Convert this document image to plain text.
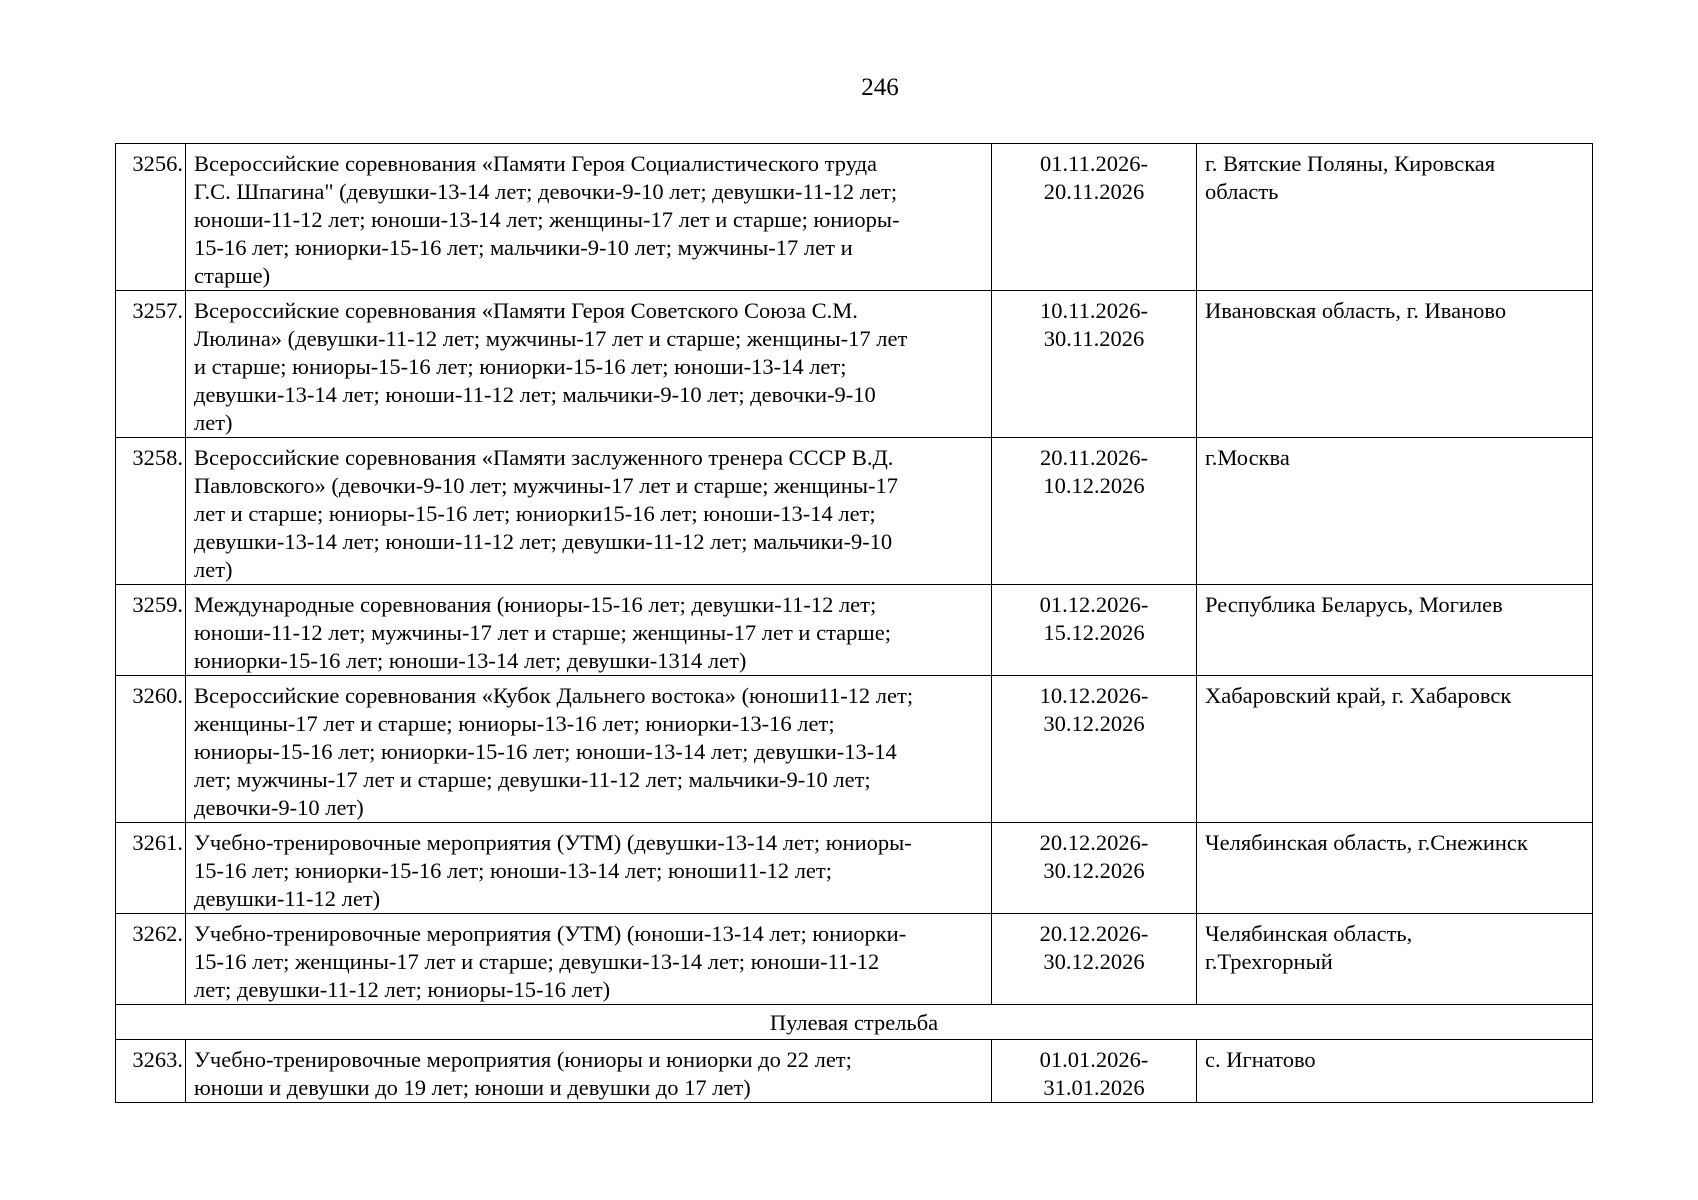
246
3256.	Всероссийские соревнования «Памяти Героя Социалистического труда
Г.С. Шпагина" (девушки-13-14 лет; девочки-9-10 лет; девушки-11-12 лет;
юноши-11-12 лет; юноши-13-14 лет; женщины-17 лет и старше; юниоры-
15-16 лет; юниорки-15-16 лет; мальчики-9-10 лет; мужчины-17 лет и
старше)	01.11.2026-
20.11.2026	г. Вятские Поляны, Кировская
область

3257.	Всероссийские соревнования «Памяти Героя Советского Союза С.М.
Люлина» (девушки-11-12 лет; мужчины-17 лет и старше; женщины-17 лет
и старше; юниоры-15-16 лет; юниорки-15-16 лет; юноши-13-14 лет;
девушки-13-14 лет; юноши-11-12 лет; мальчики-9-10 лет; девочки-9-10
лет)	10.11.2026-
30.11.2026	Ивановская область, г. Иваново

3258.	Всероссийские соревнования «Памяти заслуженного тренера СССР В.Д.
Павловского» (девочки-9-10 лет; мужчины-17 лет и старше; женщины-17
лет и старше; юниоры-15-16 лет; юниорки15-16 лет; юноши-13-14 лет;
девушки-13-14 лет; юноши-11-12 лет; девушки-11-12 лет; мальчики-9-10
лет)	20.11.2026-
10.12.2026	г.Москва

3259.	Международные соревнования (юниоры-15-16 лет; девушки-11-12 лет;
юноши-11-12 лет; мужчины-17 лет и старше; женщины-17 лет и старше;
юниорки-15-16 лет; юноши-13-14 лет; девушки-1314 лет)	01.12.2026-
15.12.2026	Республика Беларусь, Могилев

3260.	Всероссийские соревнования «Кубок Дальнего востока» (юноши11-12 лет;
женщины-17 лет и старше; юниоры-13-16 лет; юниорки-13-16 лет;
юниоры-15-16 лет; юниорки-15-16 лет; юноши-13-14 лет; девушки-13-14
лет; мужчины-17 лет и старше; девушки-11-12 лет; мальчики-9-10 лет;
девочки-9-10 лет)	10.12.2026-
30.12.2026	Хабаровский край, г. Хабаровск

3261.	Учебно-тренировочные мероприятия (УТМ) (девушки-13-14 лет; юниоры-
15-16 лет; юниорки-15-16 лет; юноши-13-14 лет; юноши11-12 лет;
девушки-11-12 лет)	20.12.2026-
30.12.2026	Челябинская область, г.Снежинск

3262.	Учебно-тренировочные мероприятия (УТМ) (юноши-13-14 лет; юниорки-
15-16 лет; женщины-17 лет и старше; девушки-13-14 лет; юноши-11-12
лет; девушки-11-12 лет; юниоры-15-16 лет)	20.12.2026-
30.12.2026	Челябинская область,
г.Трехгорный

Пулевая стрельба			
3263.	Учебно-тренировочные мероприятия (юниоры и юниорки до 22 лет;
юноши и девушки до 19 лет; юноши и девушки до 17 лет)	01.01.2026-
31.01.2026	с. Игнатово
